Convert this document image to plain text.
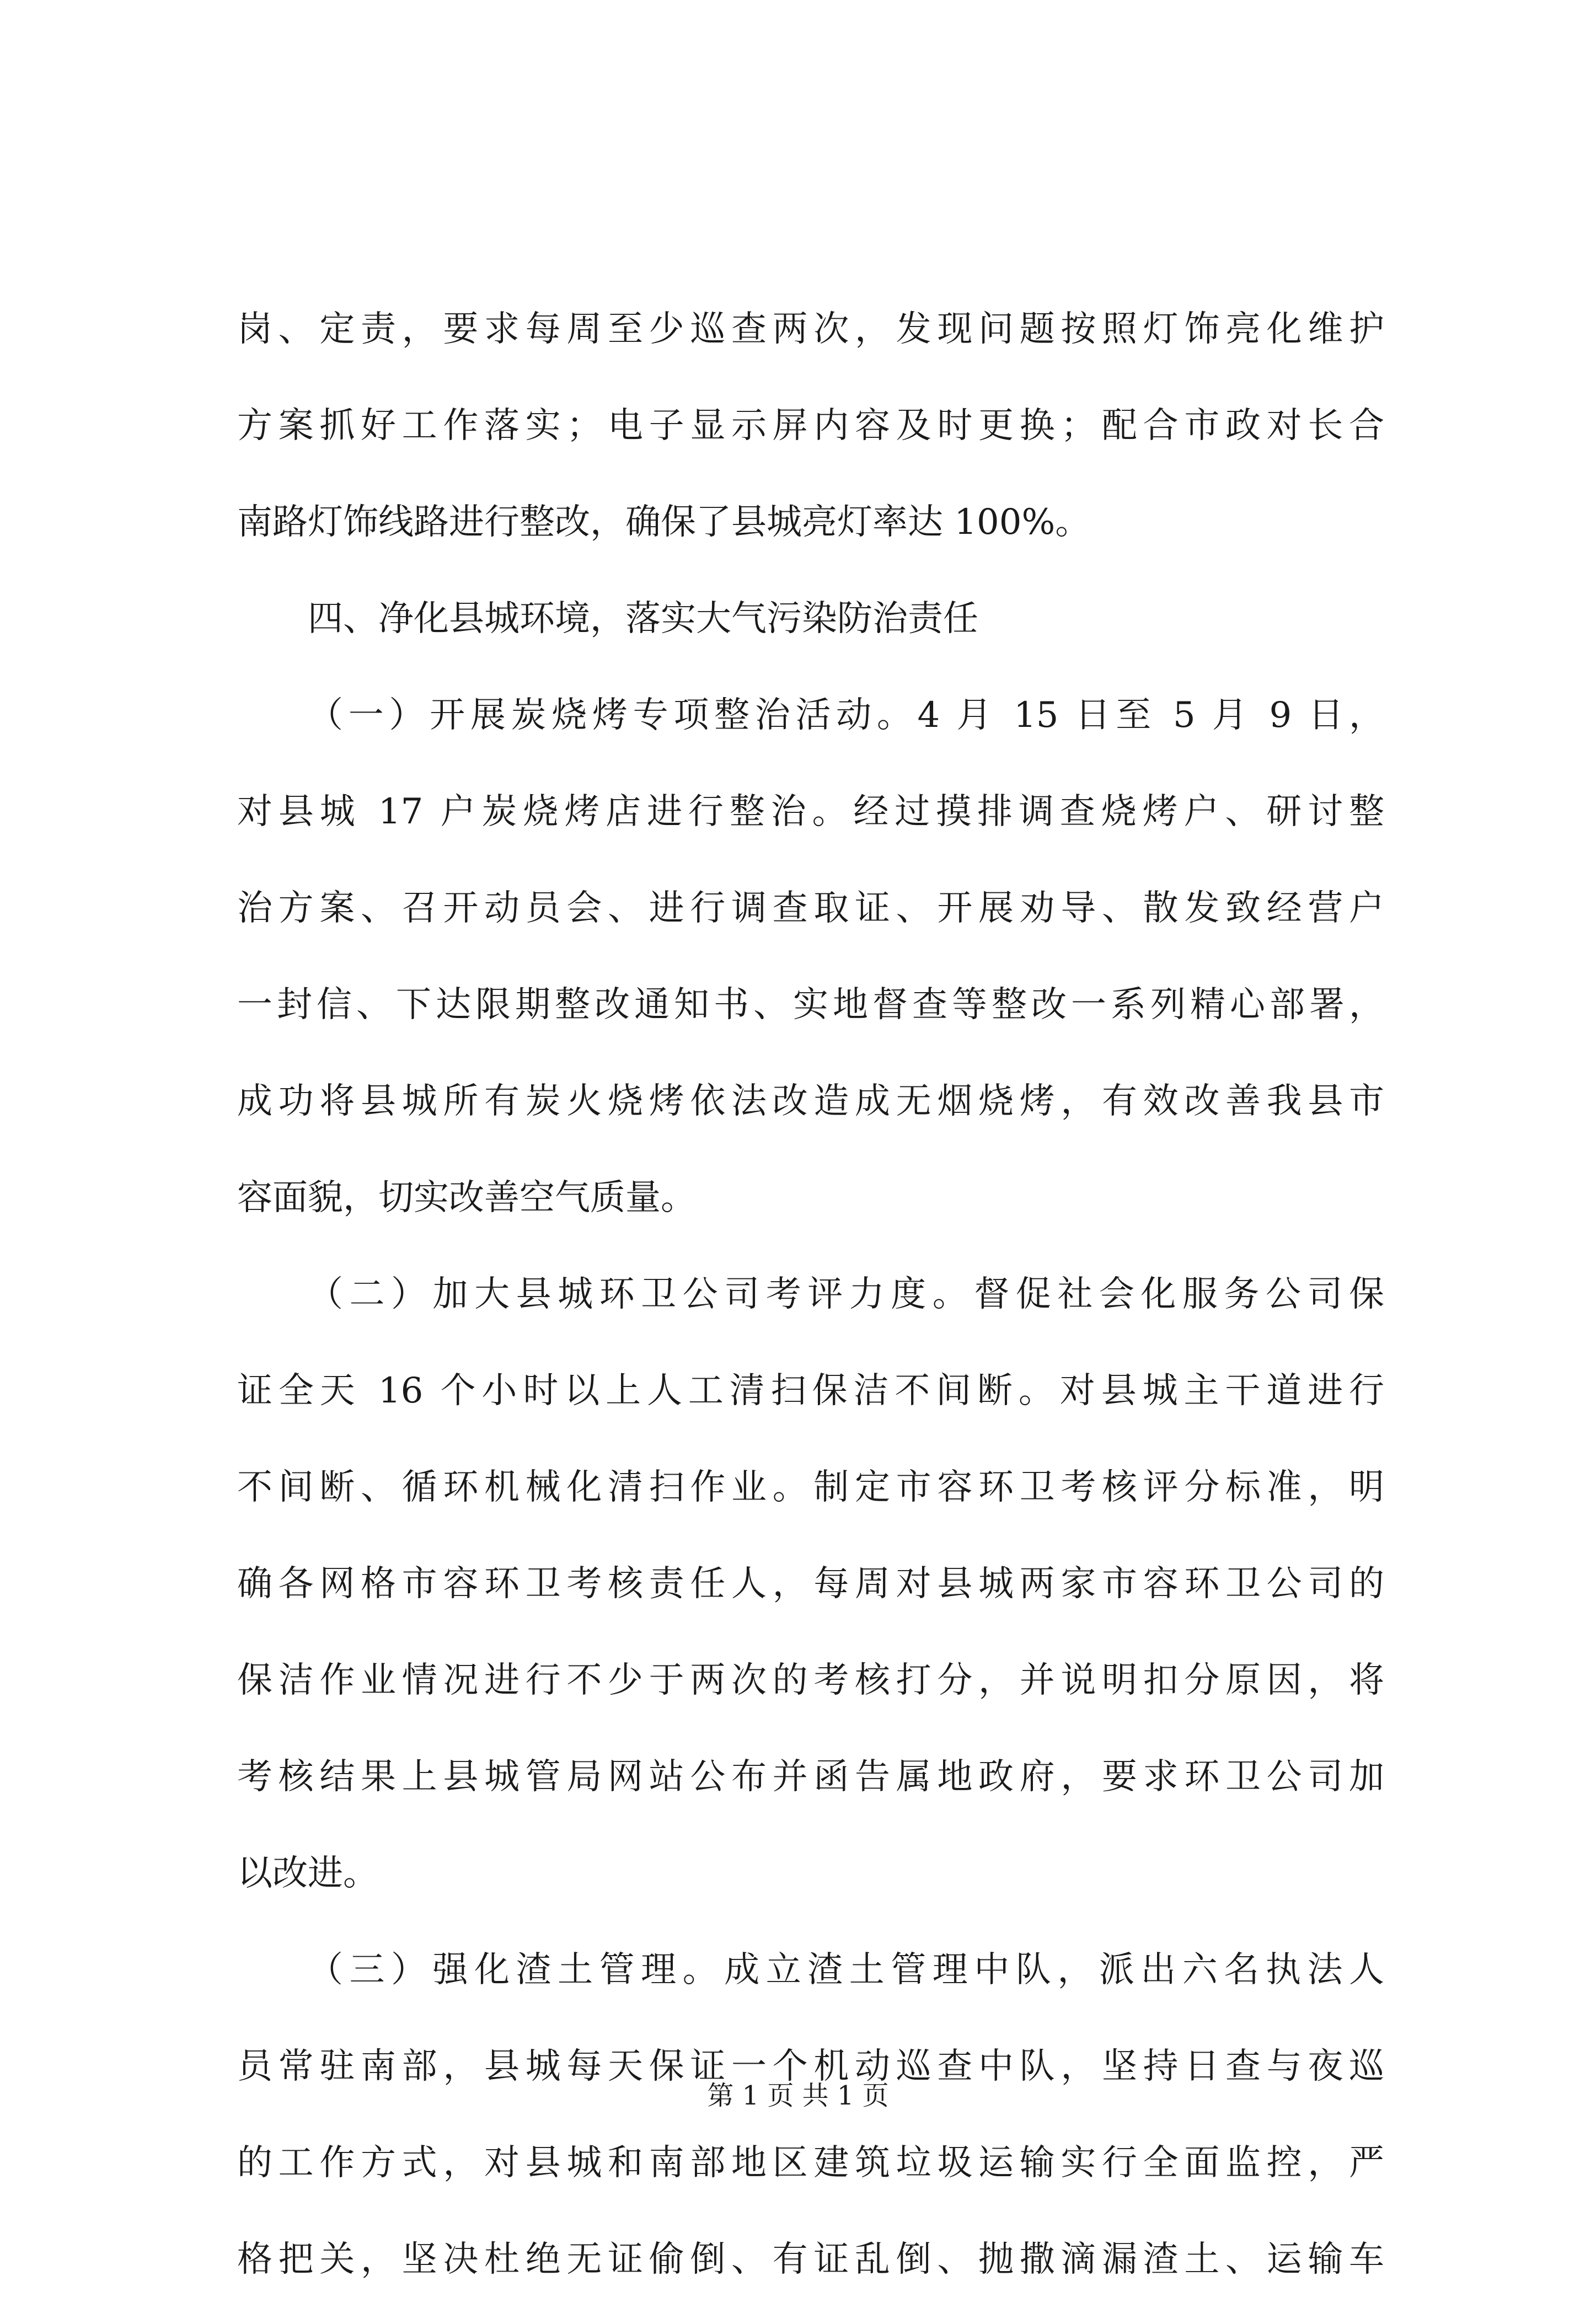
岗、定责，要求每周至少巡查两次，发现问题按照灯饰亮化维护
方案抓好工作落实；电子显示屏内容及时更换；配合市政对长合
南路灯饰线路进行整改，确保了县城亮灯率达 100%。
四、净化县城环境，落实大气污染防治责任
（一）开展炭烧烤专项整治活动。4 月 15 日至 5 月 9 日，
对县城 17 户炭烧烤店进行整治。经过摸排调查烧烤户、研讨整
治方案、召开动员会、进行调查取证、开展劝导、散发致经营户
一封信、下达限期整改通知书、实地督查等整改一系列精心部署，
成功将县城所有炭火烧烤依法改造成无烟烧烤，有效改善我县市
容面貌，切实改善空气质量。
（二）加大县城环卫公司考评力度。督促社会化服务公司保
证全天 16 个小时以上人工清扫保洁不间断。对县城主干道进行
不间断、循环机械化清扫作业。制定市容环卫考核评分标准，明
确各网格市容环卫考核责任人，每周对县城两家市容环卫公司的
保洁作业情况进行不少于两次的考核打分，并说明扣分原因，将
考核结果上县城管局网站公布并函告属地政府，要求环卫公司加
以改进。
（三）强化渣土管理。成立渣土管理中队，派出六名执法人
员常驻南部，县城每天保证一个机动巡查中队，坚持日查与夜巡
的工作方式，对县城和南部地区建筑垃圾运输实行全面监控，严
格把关，坚决杜绝无证偷倒、有证乱倒、抛撒滴漏渣土、运输车
第 1 页 共 1 页
